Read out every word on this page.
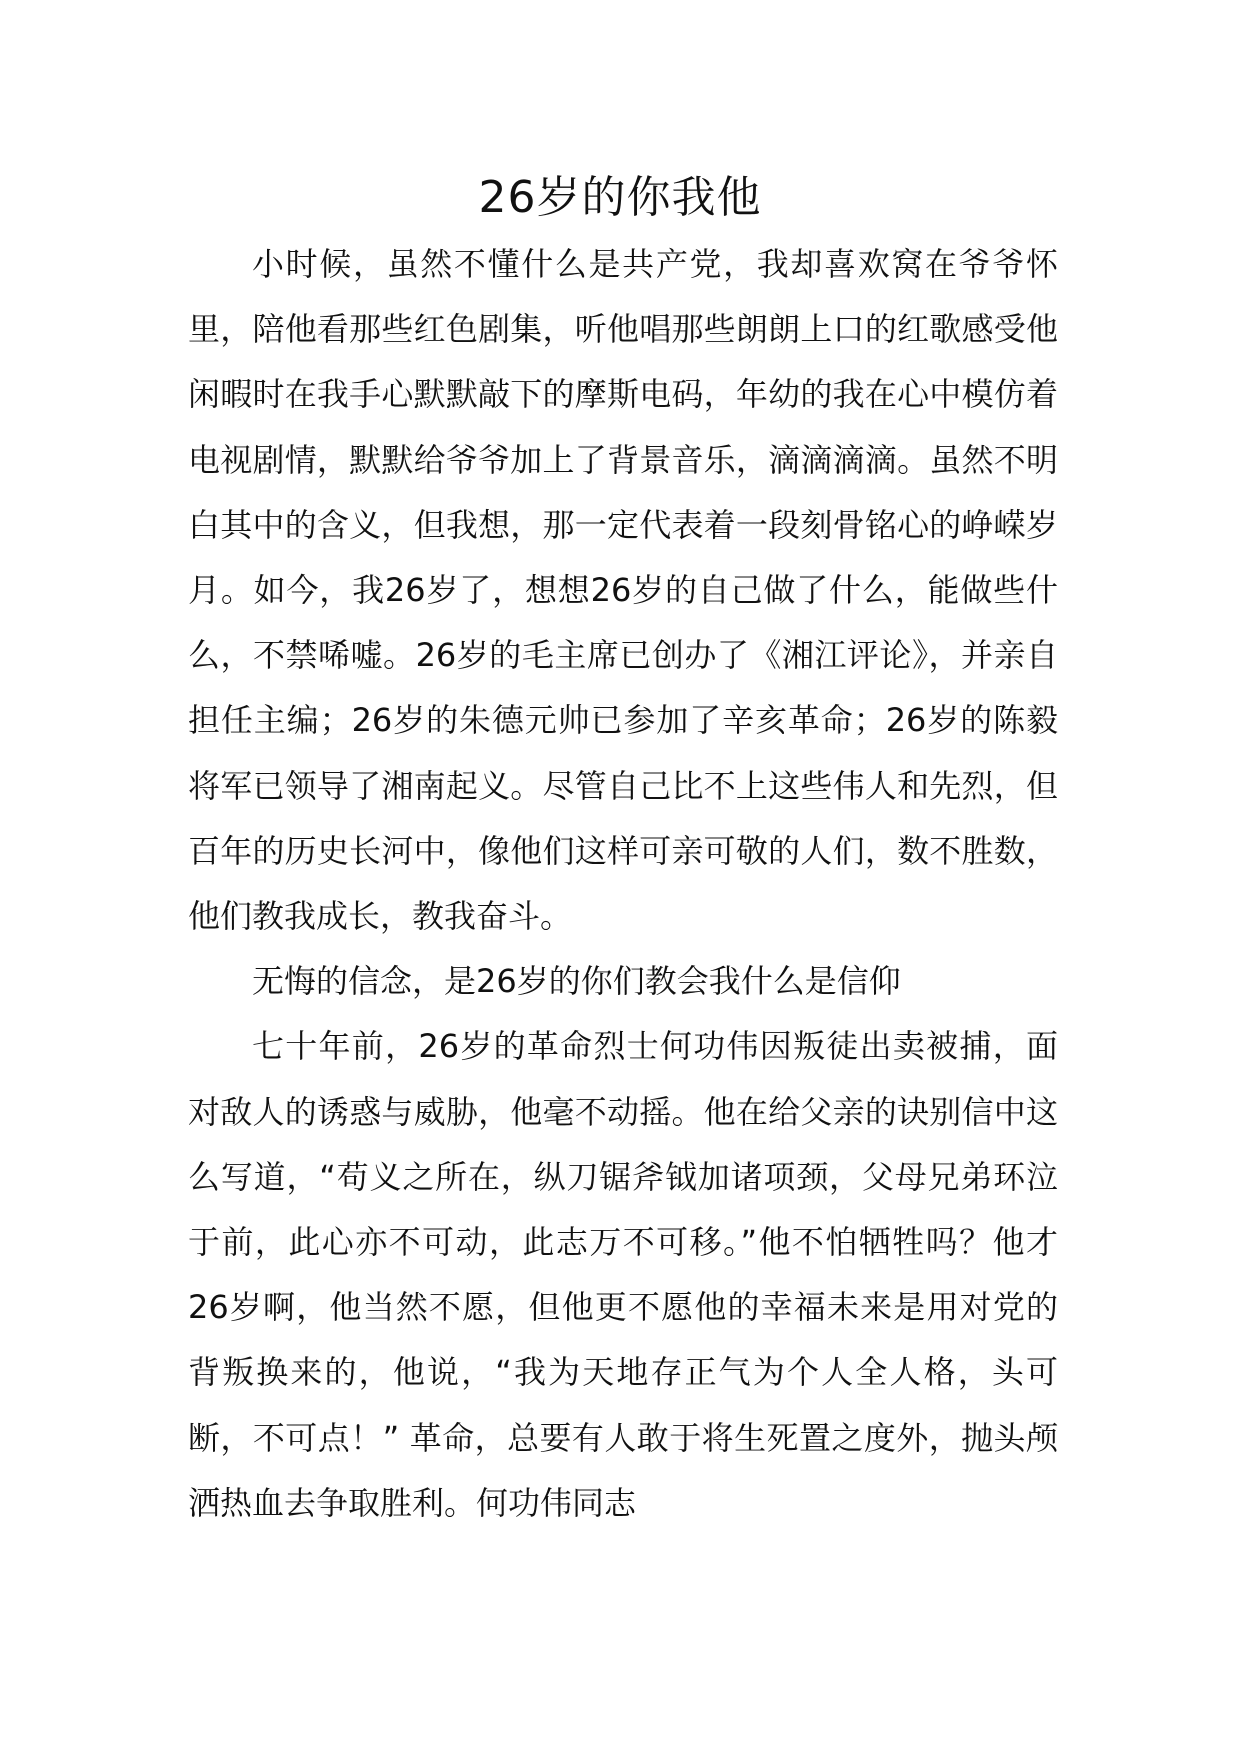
26岁的你我他

小时候，虽然不懂什么是共产党，我却喜欢窝在爷爷怀里，陪他看那些红色剧集，听他唱那些朗朗上口的红歌感受他闲暇时在我手心默默敲下的摩斯电码，年幼的我在心中模仿着电视剧情，默默给爷爷加上了背景音乐，滴滴滴滴。虽然不明白其中的含义，但我想，那一定代表着一段刻骨铭心的峥嵘岁月。如今，我26岁了，想想26岁的自己做了什么，能做些什么，不禁唏嘘。26岁的毛主席已创办了《湘江评论》，并亲自担任主编；26岁的朱德元帅已参加了辛亥革命；26岁的陈毅将军已领导了湘南起义。尽管自己比不上这些伟人和先烈，但百年的历史长河中，像他们这样可亲可敬的人们，数不胜数，他们教我成长，教我奋斗。

无悔的信念，是26岁的你们教会我什么是信仰

七十年前，26岁的革命烈士何功伟因叛徒出卖被捕，面对敌人的诱惑与威胁，他毫不动摇。他在给父亲的诀别信中这么写道，“苟义之所在，纵刀锯斧钺加诸项颈，父母兄弟环泣于前，此心亦不可动，此志万不可移。”他不怕牺牲吗？他才26岁啊，他当然不愿，但他更不愿他的幸福未来是用对党的背叛换来的，他说，“我为天地存正气为个人全人格，头可断，不可点！” 革命，总要有人敢于将生死置之度外，抛头颅洒热血去争取胜利。何功伟同志
